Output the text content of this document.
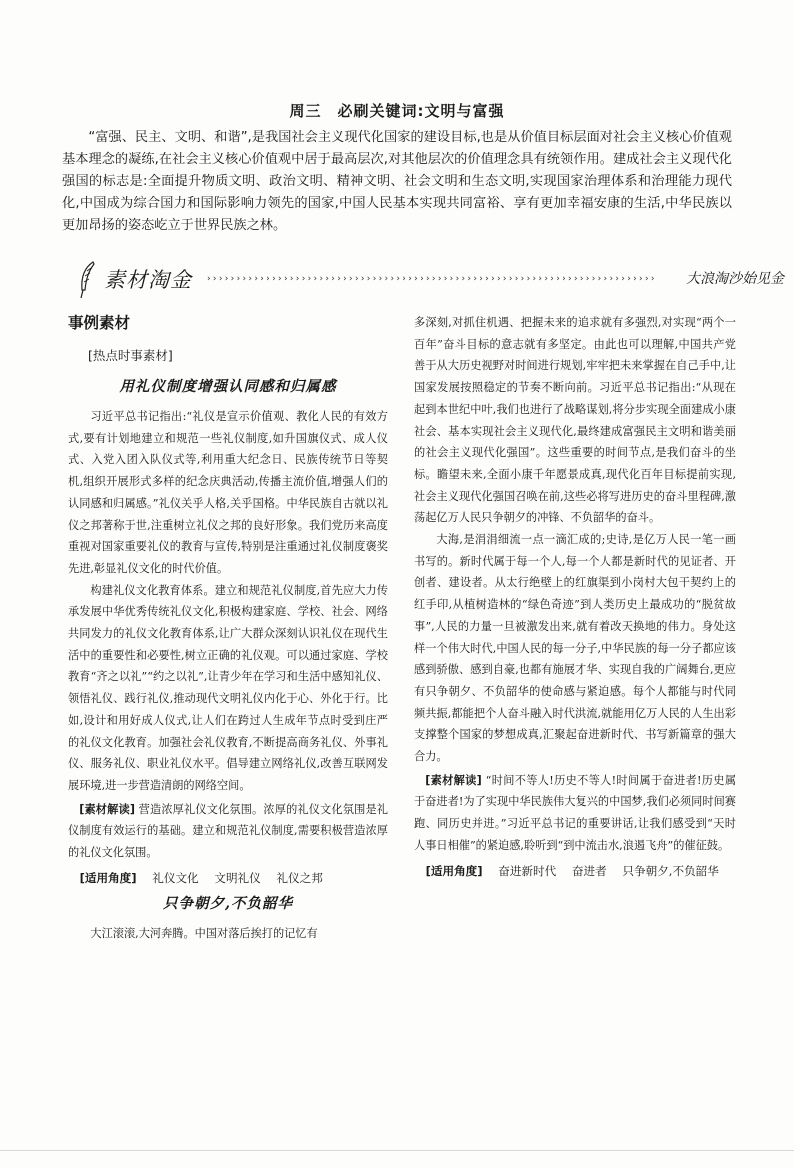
周三　必刷关键词:文明与富强
“富强、民主、文明、和谐”,是我国社会主义现代化国家的建设目标,也是从价值目标层面对社会主义核心价值观基本理念的凝练,在社会主义核心价值观中居于最高层次,对其他层次的价值理念具有统领作用。建成社会主义现代化强国的标志是:全面提升物质文明、政治文明、精神文明、社会文明和生态文明,实现国家治理体系和治理能力现代化,中国成为综合国力和国际影响力领先的国家,中国人民基本实现共同富裕、享有更加幸福安康的生活,中华民族以更加昂扬的姿态屹立于世界民族之林。
素材淘金 ››››››››››››››››››››››››››››››››››››››››››››››››››››››››››››››››››››››››››››	大浪淘沙始见金
事例素材
[热点时事素材]
用礼仪制度增强认同感和归属感

习近平总书记指出:“礼仪是宣示价值观、教化人民的有效方式,要有计划地建立和规范一些礼仪制度,如升国旗仪式、成人仪式、入党入团入队仪式等,利用重大纪念日、民族传统节日等契机,组织开展形式多样的纪念庆典活动,传播主流价值,增强人们的认同感和归属感。”礼仪关乎人格,关乎国格。中华民族自古就以礼仪之邦著称于世,注重树立礼仪之邦的良好形象。我们党历来高度重视对国家重要礼仪的教育与宣传,特别是注重通过礼仪制度褒奖先进,彰显礼仪文化的时代价值。

构建礼仪文化教育体系。建立和规范礼仪制度,首先应大力传承发展中华优秀传统礼仪文化,积极构建家庭、学校、社会、网络共同发力的礼仪文化教育体系,让广大群众深刻认识礼仪在现代生活中的重要性和必要性,树立正确的礼仪观。可以通过家庭、学校教育“齐之以礼”“约之以礼”,让青少年在学习和生活中感知礼仪、领悟礼仪、践行礼仪,推动现代文明礼仪内化于心、外化于行。比如,设计和用好成人仪式,让人们在跨过人生成年节点时受到庄严的礼仪文化教育。加强社会礼仪教育,不断提高商务礼仪、外事礼仪、服务礼仪、职业礼仪水平。倡导建立网络礼仪,改善互联网发展环境,进一步营造清朗的网络空间。

[素材解读] 营造浓厚礼仪文化氛围。浓厚的礼仪文化氛围是礼仪制度有效运行的基础。建立和规范礼仪制度,需要积极营造浓厚的礼仪文化氛围。

[适用角度] 礼仪文化 文明礼仪 礼仪之邦
只争朝夕,不负韶华

大江滚滚,大河奔腾。中国对落后挨打的记忆有

多深刻,对抓住机遇、把握未来的追求就有多强烈,对实现“两个一百年”奋斗目标的意志就有多坚定。由此也可以理解,中国共产党善于从大历史视野对时间进行规划,牢牢把未来掌握在自己手中,让国家发展按照稳定的节奏不断向前。习近平总书记指出:“从现在起到本世纪中叶,我们也进行了战略谋划,将分步实现全面建成小康社会、基本实现社会主义现代化,最终建成富强民主文明和谐美丽的社会主义现代化强国”。这些重要的时间节点,是我们奋斗的坐标。瞻望未来,全面小康千年愿景成真,现代化百年目标提前实现,社会主义现代化强国召唤在前,这些必将写进历史的奋斗里程碑,激荡起亿万人民只争朝夕的冲锋、不负韶华的奋斗。

大海,是涓涓细流一点一滴汇成的;史诗,是亿万人民一笔一画书写的。新时代属于每一个人,每一个人都是新时代的见证者、开创者、建设者。从太行绝壁上的红旗渠到小岗村大包干契约上的红手印,从植树造林的“绿色奇迹”到人类历史上最成功的“脱贫故事”,人民的力量一旦被激发出来,就有着改天换地的伟力。身处这样一个伟大时代,中国人民的每一分子,中华民族的每一分子都应该感到骄傲、感到自豪,也都有施展才华、实现自我的广阔舞台,更应有只争朝夕、不负韶华的使命感与紧迫感。每个人都能与时代同频共振,都能把个人奋斗融入时代洪流,就能用亿万人民的人生出彩支撑整个国家的梦想成真,汇聚起奋进新时代、书写新篇章的强大合力。

[素材解读] “时间不等人!历史不等人!时间属于奋进者!历史属于奋进者!为了实现中华民族伟大复兴的中国梦,我们必须同时间赛跑、同历史并进。”习近平总书记的重要讲话,让我们感受到“天时人事日相催”的紧迫感,聆听到“到中流击水,浪遏飞舟”的催征鼓。

[适用角度] 奋进新时代 奋进者 只争朝夕,不负韶华
